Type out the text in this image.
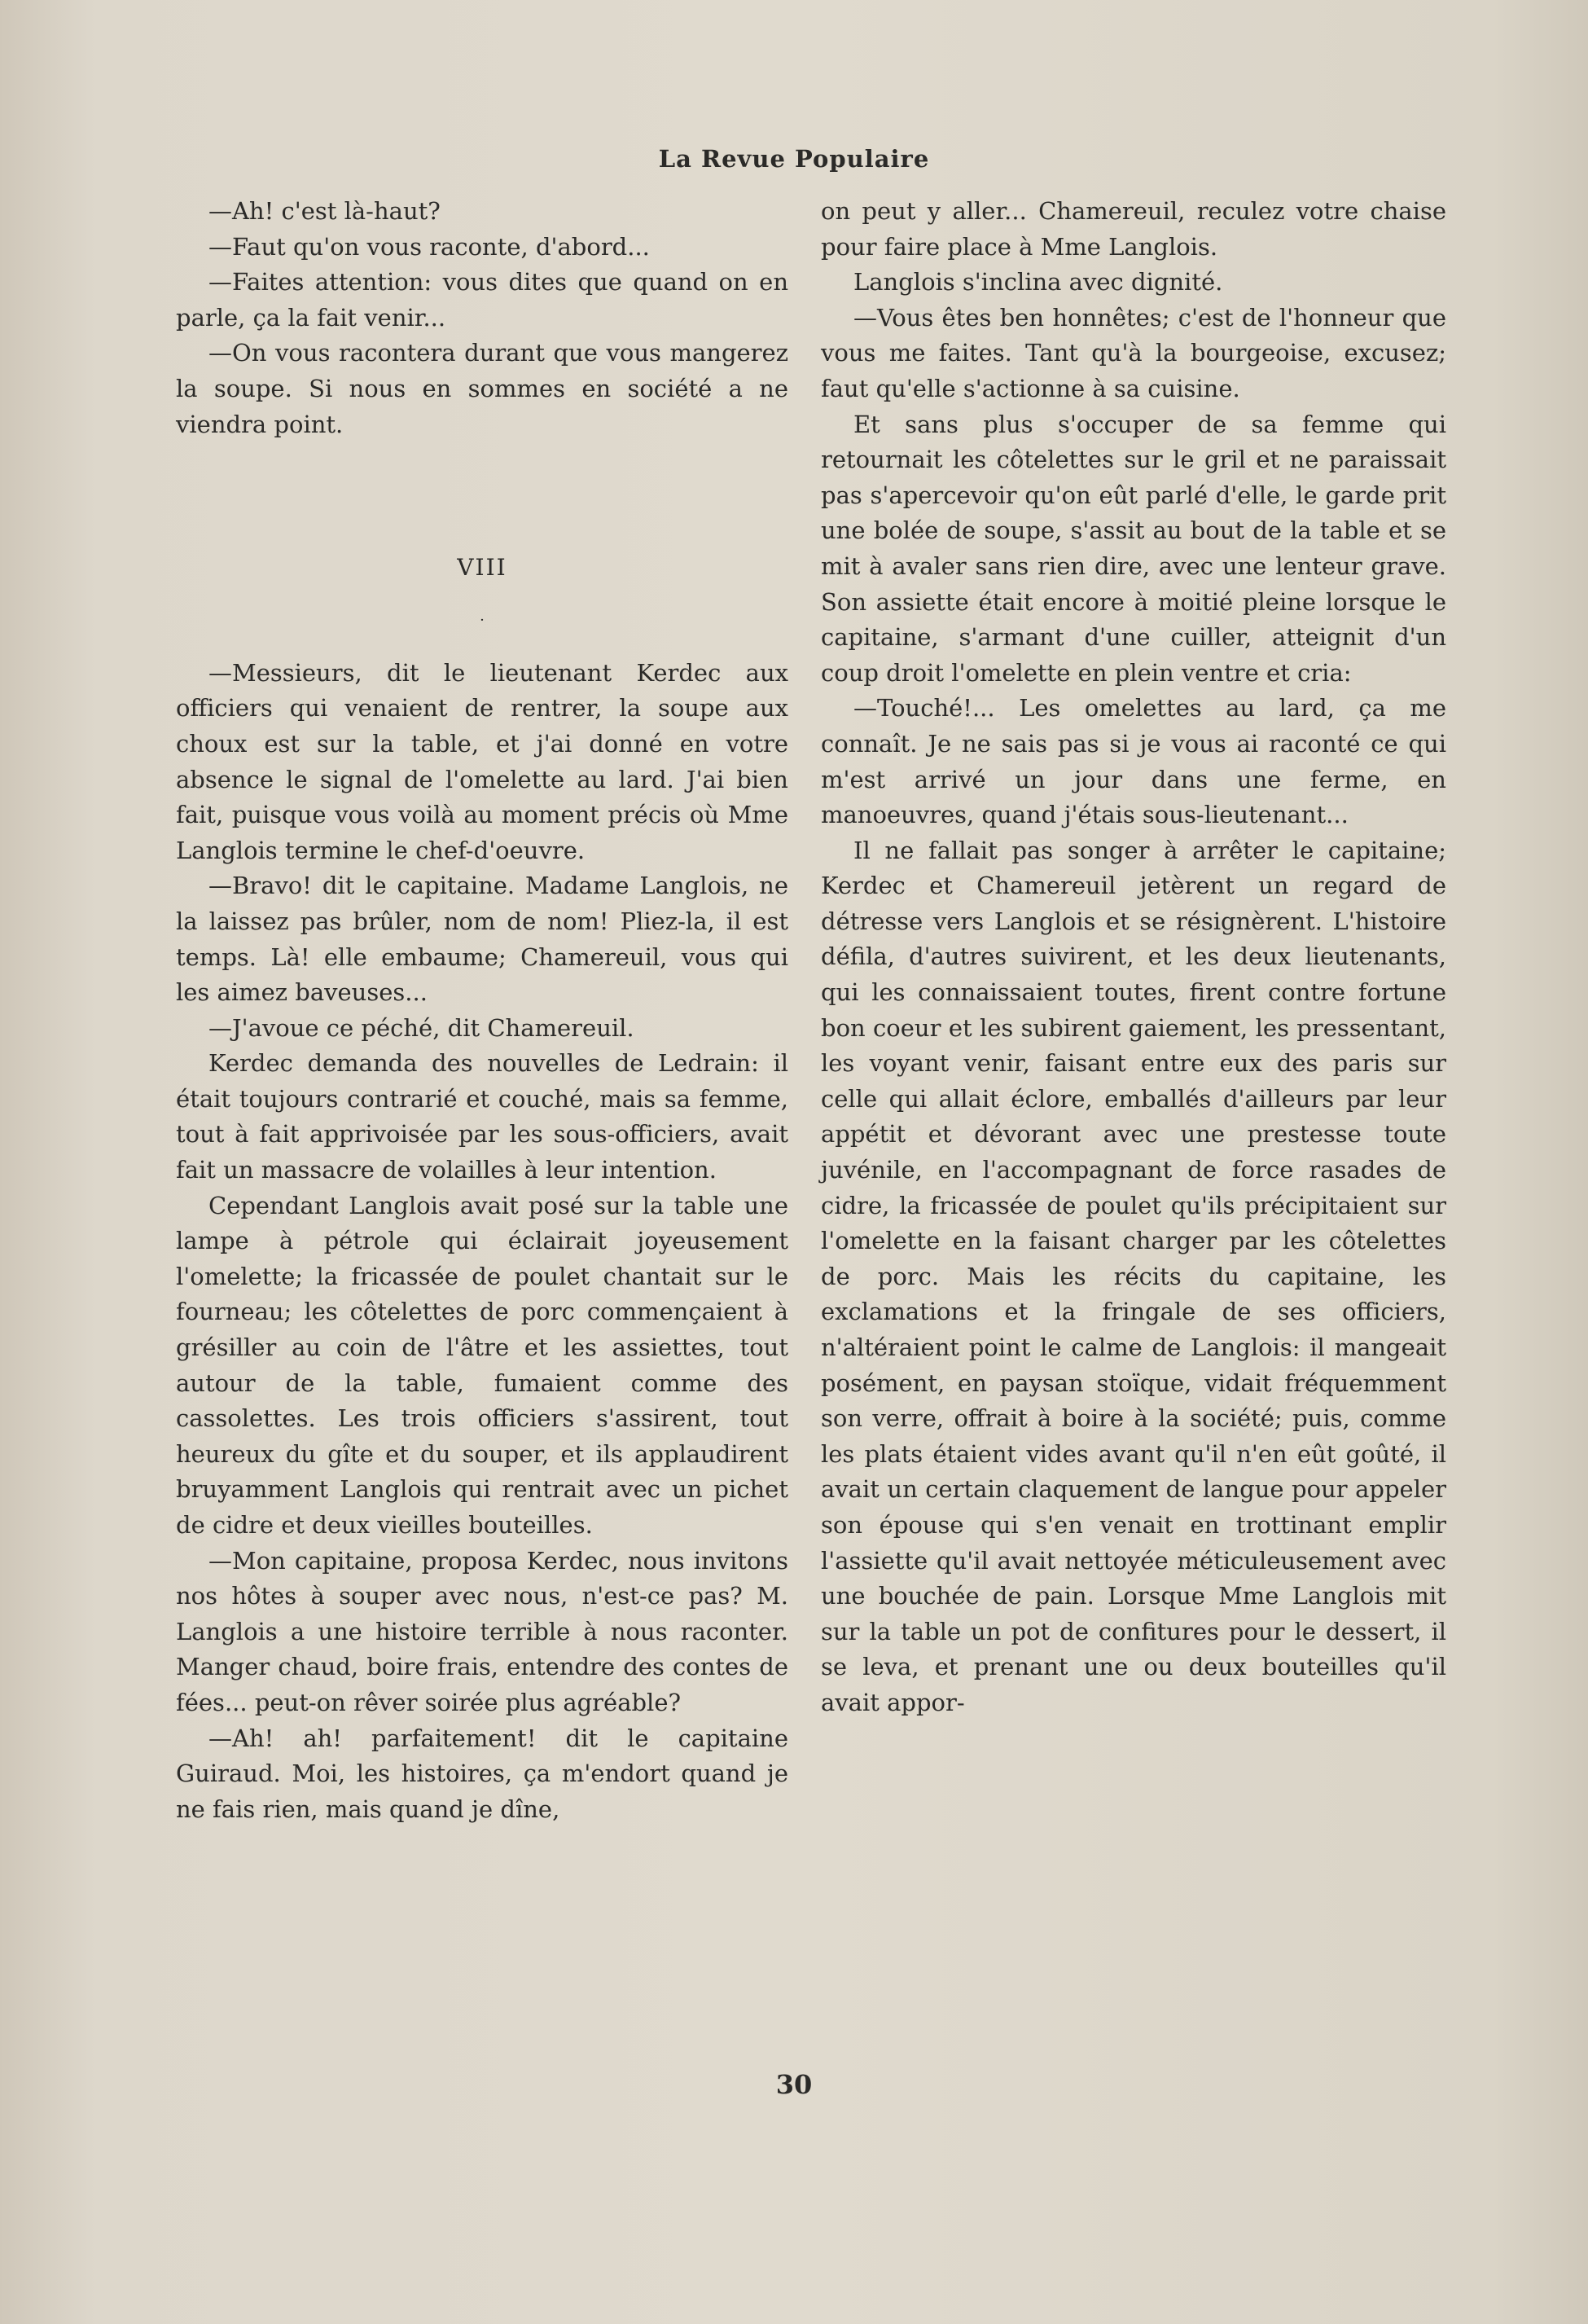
La Revue Populaire

—Ah! c'est là-haut?

—Faut qu'on vous raconte, d'abord...

—Faites attention: vous dites que quand on en parle, ça la fait venir...

—On vous racontera durant que vous mangerez la soupe. Si nous en sommes en société a ne viendra point.

VIII

·

—Messieurs, dit le lieutenant Kerdec aux officiers qui venaient de rentrer, la soupe aux choux est sur la table, et j'ai donné en votre absence le signal de l'omelette au lard. J'ai bien fait, puisque vous voilà au moment précis où Mme Langlois termine le chef-d'oeuvre.

—Bravo! dit le capitaine. Madame Langlois, ne la laissez pas brûler, nom de nom! Pliez-la, il est temps. Là! elle embaume; Chamereuil, vous qui les aimez baveuses...

—J'avoue ce péché, dit Chamereuil.

Kerdec demanda des nouvelles de Ledrain: il était toujours contrarié et couché, mais sa femme, tout à fait apprivoisée par les sous-officiers, avait fait un massacre de volailles à leur intention.

Cependant Langlois avait posé sur la table une lampe à pétrole qui éclairait joyeusement l'omelette; la fricassée de poulet chantait sur le fourneau; les côtelettes de porc commençaient à grésiller au coin de l'âtre et les assiettes, tout autour de la table, fumaient comme des cassolettes. Les trois officiers s'assirent, tout heureux du gîte et du souper, et ils applaudirent bruyamment Langlois qui rentrait avec un pichet de cidre et deux vieilles bouteilles.

—Mon capitaine, proposa Kerdec, nous invitons nos hôtes à souper avec nous, n'est-ce pas? M. Langlois a une histoire terrible à nous raconter. Manger chaud, boire frais, entendre des contes de fées... peut-on rêver soirée plus agréable?

—Ah! ah! parfaitement! dit le capitaine Guiraud. Moi, les histoires, ça m'endort quand je ne fais rien, mais quand je dîne,

on peut y aller... Chamereuil, reculez votre chaise pour faire place à Mme Langlois.

Langlois s'inclina avec dignité.

—Vous êtes ben honnêtes; c'est de l'honneur que vous me faites. Tant qu'à la bourgeoise, excusez; faut qu'elle s'actionne à sa cuisine.

Et sans plus s'occuper de sa femme qui retournait les côtelettes sur le gril et ne paraissait pas s'apercevoir qu'on eût parlé d'elle, le garde prit une bolée de soupe, s'assit au bout de la table et se mit à avaler sans rien dire, avec une lenteur grave. Son assiette était encore à moitié pleine lorsque le capitaine, s'armant d'une cuiller, atteignit d'un coup droit l'omelette en plein ventre et cria:

—Touché!... Les omelettes au lard, ça me connaît. Je ne sais pas si je vous ai raconté ce qui m'est arrivé un jour dans une ferme, en manoeuvres, quand j'étais sous-lieutenant...

Il ne fallait pas songer à arrêter le capitaine; Kerdec et Chamereuil jetèrent un regard de détresse vers Langlois et se résignèrent. L'histoire défila, d'autres suivirent, et les deux lieutenants, qui les connaissaient toutes, firent contre fortune bon coeur et les subirent gaiement, les pressentant, les voyant venir, faisant entre eux des paris sur celle qui allait éclore, emballés d'ailleurs par leur appétit et dévorant avec une prestesse toute juvénile, en l'accompagnant de force rasades de cidre, la fricassée de poulet qu'ils précipitaient sur l'omelette en la faisant charger par les côtelettes de porc. Mais les récits du capitaine, les exclamations et la fringale de ses officiers, n'altéraient point le calme de Langlois: il mangeait posément, en paysan stoïque, vidait fréquemment son verre, offrait à boire à la société; puis, comme les plats étaient vides avant qu'il n'en eût goûté, il avait un certain claquement de langue pour appeler son épouse qui s'en venait en trottinant emplir l'assiette qu'il avait nettoyée méticuleusement avec une bouchée de pain. Lorsque Mme Langlois mit sur la table un pot de confitures pour le dessert, il se leva, et prenant une ou deux bouteilles qu'il avait appor-

30
